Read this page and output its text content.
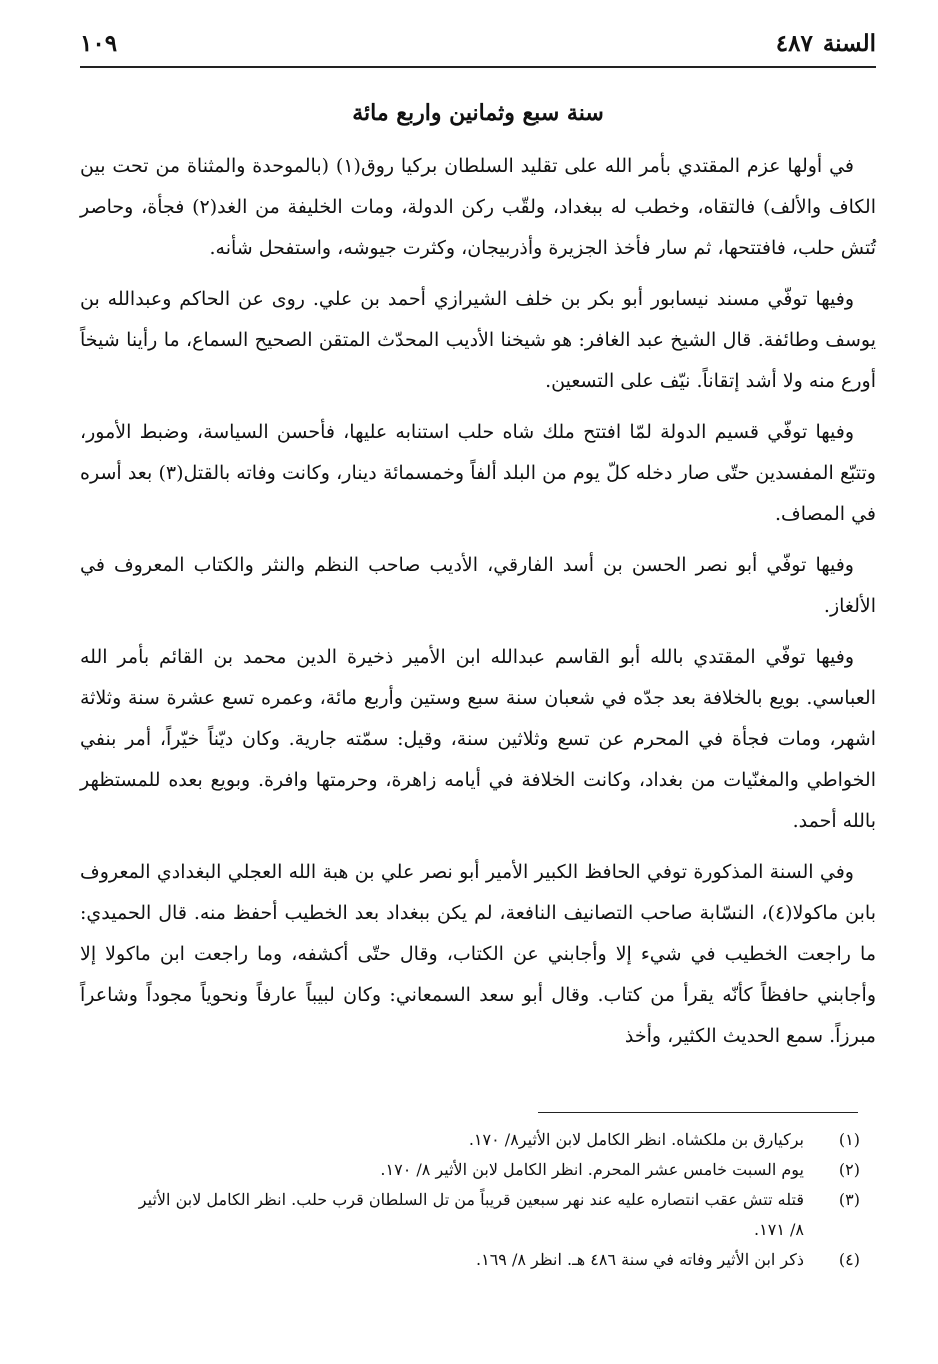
السنة٤٨٧
١٠٩
سنة سبع وثمانين واربع مائة

في أولها عزم المقتدي بأمر الله على تقليد السلطان بركيا روق(١) (بالموحدة والمثناة من تحت بين الكاف والألف) فالتقاه، وخطب له ببغداد، ولقّب ركن الدولة، ومات الخليفة من الغد(٢) فجأة، وحاصر تُتش حلب، فافتتحها، ثم سار فأخذ الجزيرة وأذربيجان، وكثرت جيوشه، واستفحل شأنه.

وفيها توفّي مسند نيسابور أبو بكر بن خلف الشيرازي أحمد بن علي. روى عن الحاكم وعبدالله بن يوسف وطائفة. قال الشيخ عبد الغافر: هو شيخنا الأديب المحدّث المتقن الصحيح السماع، ما رأينا شيخاً أورع منه ولا أشد إتقاناً. نيّف على التسعين.

وفيها توفّي قسيم الدولة لمّا افتتح ملك شاه حلب استنابه عليها، فأحسن السياسة، وضبط الأمور، وتتبّع المفسدين حتّى صار دخله كلّ يوم من البلد ألفاً وخمسمائة دينار، وكانت وفاته بالقتل(٣) بعد أسره في المصاف.

وفيها توفّي أبو نصر الحسن بن أسد الفارقي، الأديب صاحب النظم والنثر والكتاب المعروف في الألغاز.

وفيها توفّي المقتدي بالله أبو القاسم عبدالله ابن الأمير ذخيرة الدين محمد بن القائم بأمر الله العباسي. بويع بالخلافة بعد جدّه في شعبان سنة سبع وستين وأربع مائة، وعمره تسع عشرة سنة وثلاثة اشهر، ومات فجأة في المحرم عن تسع وثلاثين سنة، وقيل: سمّته جارية. وكان ديّناً خيّراً، أمر بنفي الخواطي والمغنّيات من بغداد، وكانت الخلافة في أيامه زاهرة، وحرمتها وافرة. وبويع بعده للمستظهر بالله أحمد.

وفي السنة المذكورة توفي الحافظ الكبير الأمير أبو نصر علي بن هبة الله العجلي البغدادي المعروف بابن ماكولا(٤)، النسّابة صاحب التصانيف النافعة، لم يكن ببغداد بعد الخطيب أحفظ منه. قال الحميدي: ما راجعت الخطيب في شيء إلا وأجابني عن الكتاب، وقال حتّى أكشفه، وما راجعت ابن ماكولا إلا وأجابني حافظاً كأنّه يقرأ من كتاب. وقال أبو سعد السمعاني: وكان لبيباً عارفاً ونحوياً مجوداً وشاعراً مبرزاً. سمع الحديث الكثير، وأخذ

(١)
بركيارق بن ملكشاه. انظر الكامل لابن الأثير٨/ ١٧٠.
(٢)
يوم السبت خامس عشر المحرم. انظر الكامل لابن الأثير ٨/ ١٧٠.
(٣)
قتله تتش عقب انتصاره عليه عند نهر سبعين قريباً من تل السلطان قرب حلب. انظر الكامل لابن الأثير
٨/ ١٧١.
(٤)
ذكر ابن الأثير وفاته في سنة ٤٨٦ هـ. انظر ٨/ ١٦٩.
